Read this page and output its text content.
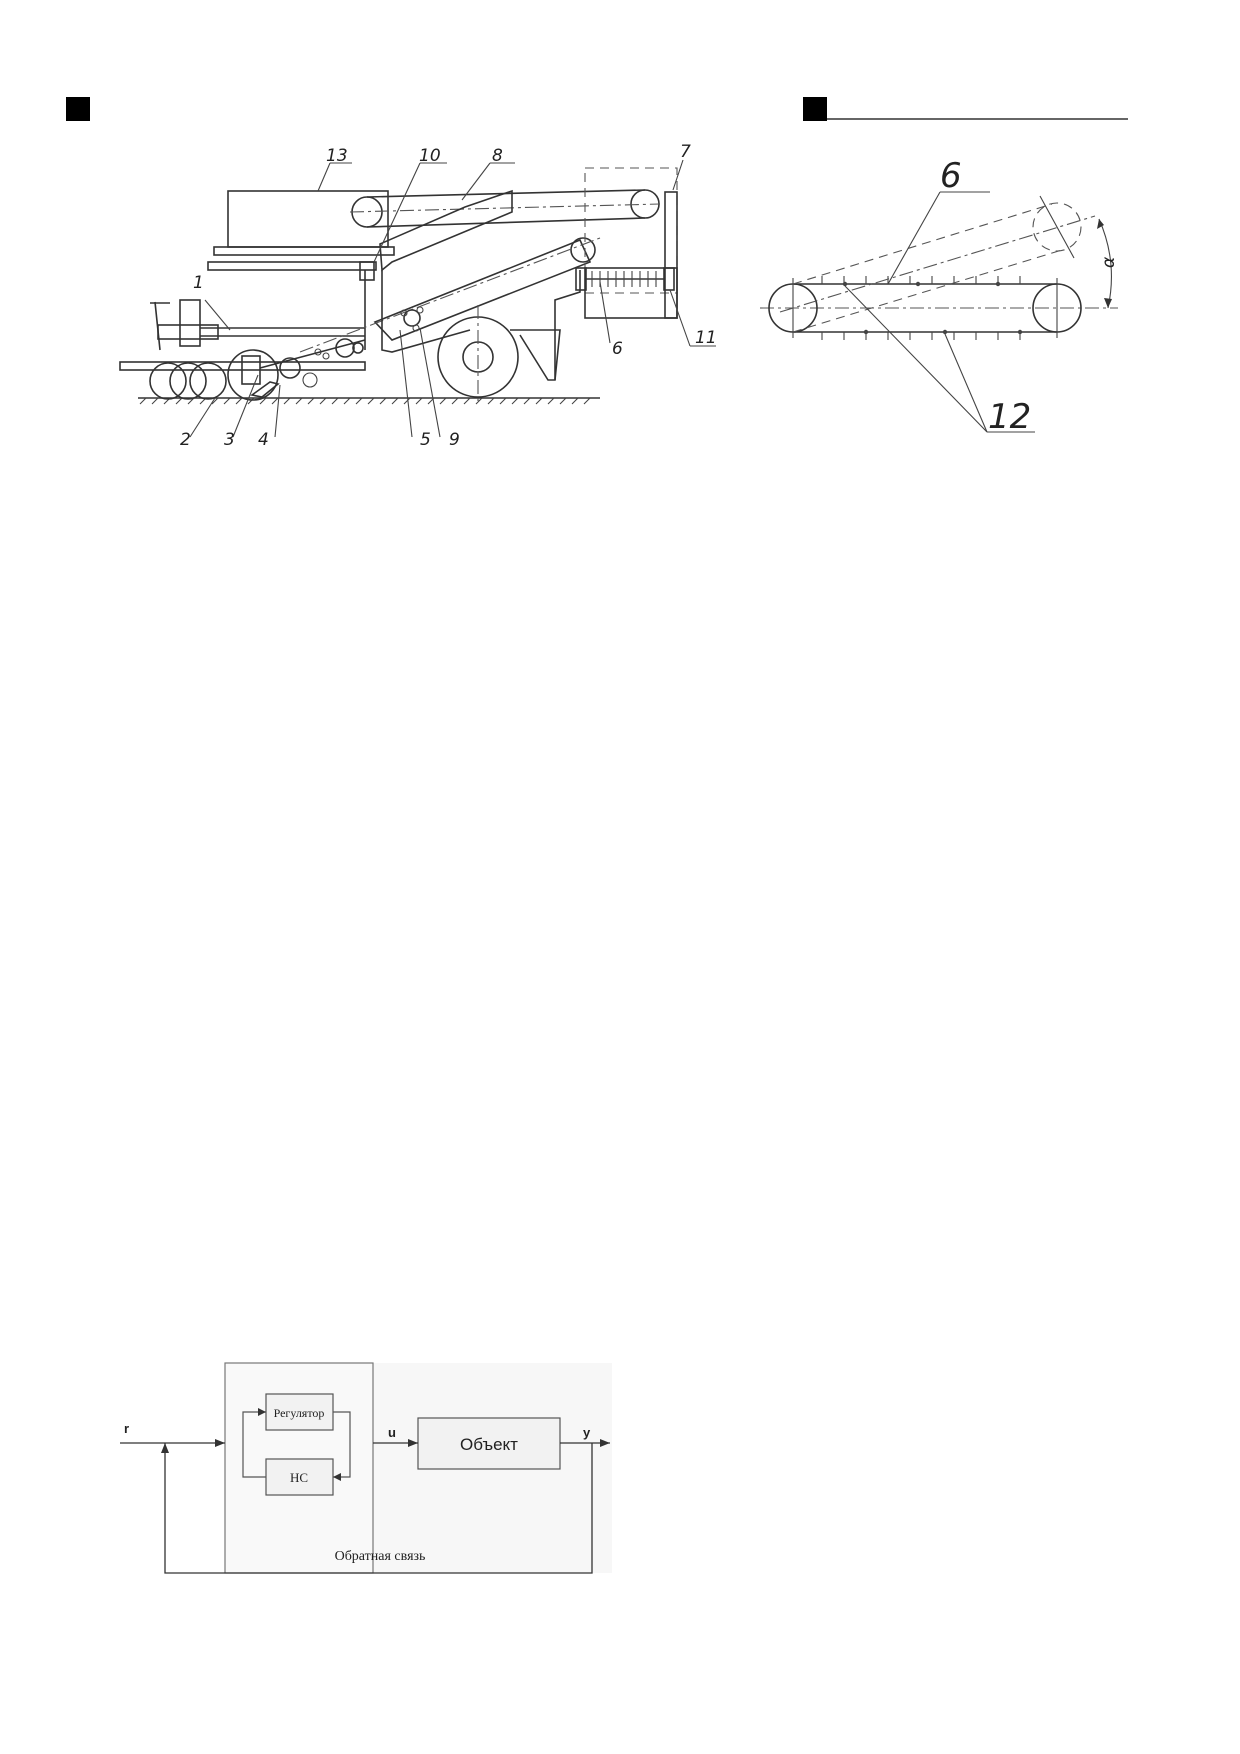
13	10	8	7
1
2 3 4	5 9
6
11
α
6
12
Регулятор
НС
Объект
r	u	y
Обратная связь
